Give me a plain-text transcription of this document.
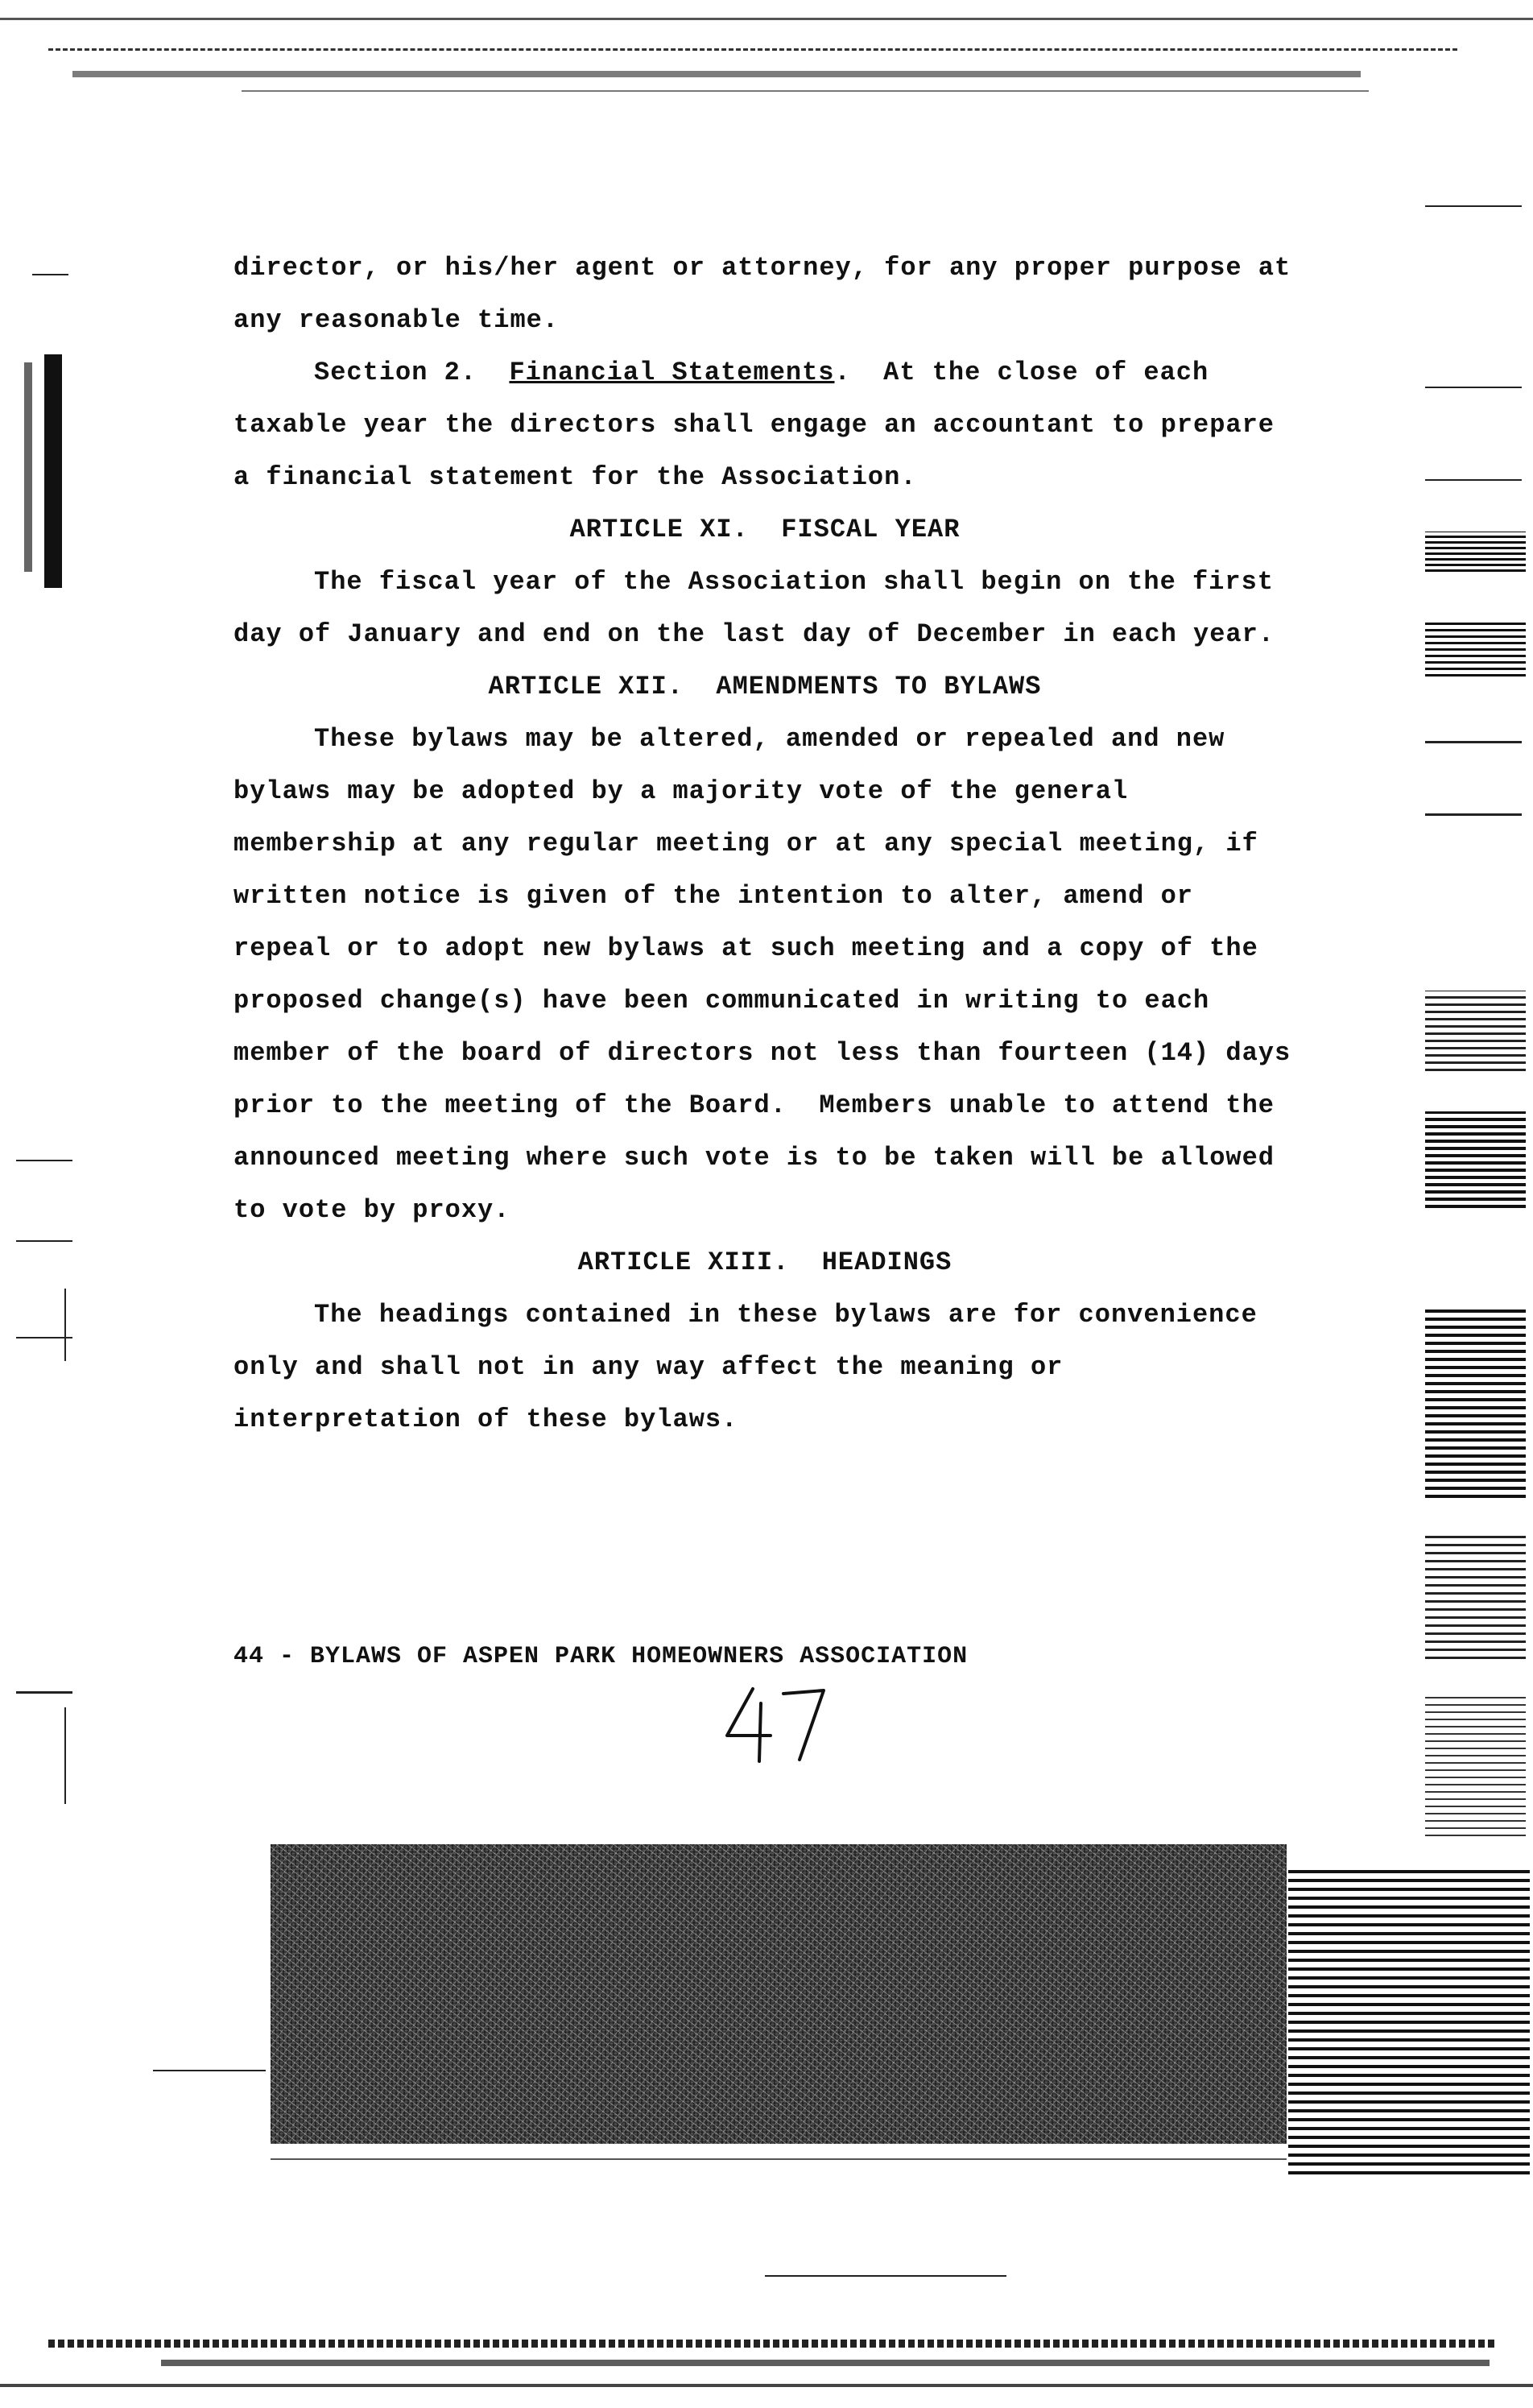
director, or his/her agent or attorney, for any proper purpose at
any reasonable time.
Section 2.  Financial Statements.  At the close of each
taxable year the directors shall engage an accountant to prepare
a financial statement for the Association.
ARTICLE XI.  FISCAL YEAR
The fiscal year of the Association shall begin on the first
day of January and end on the last day of December in each year.
ARTICLE XII.  AMENDMENTS TO BYLAWS
These bylaws may be altered, amended or repealed and new
bylaws may be adopted by a majority vote of the general
membership at any regular meeting or at any special meeting, if
written notice is given of the intention to alter, amend or
repeal or to adopt new bylaws at such meeting and a copy of the
proposed change(s) have been communicated in writing to each
member of the board of directors not less than fourteen (14) days
prior to the meeting of the Board.  Members unable to attend the
announced meeting where such vote is to be taken will be allowed
to vote by proxy.
ARTICLE XIII.  HEADINGS
The headings contained in these bylaws are for convenience
only and shall not in any way affect the meaning or
interpretation of these bylaws.
44 - BYLAWS OF ASPEN PARK HOMEOWNERS ASSOCIATION
